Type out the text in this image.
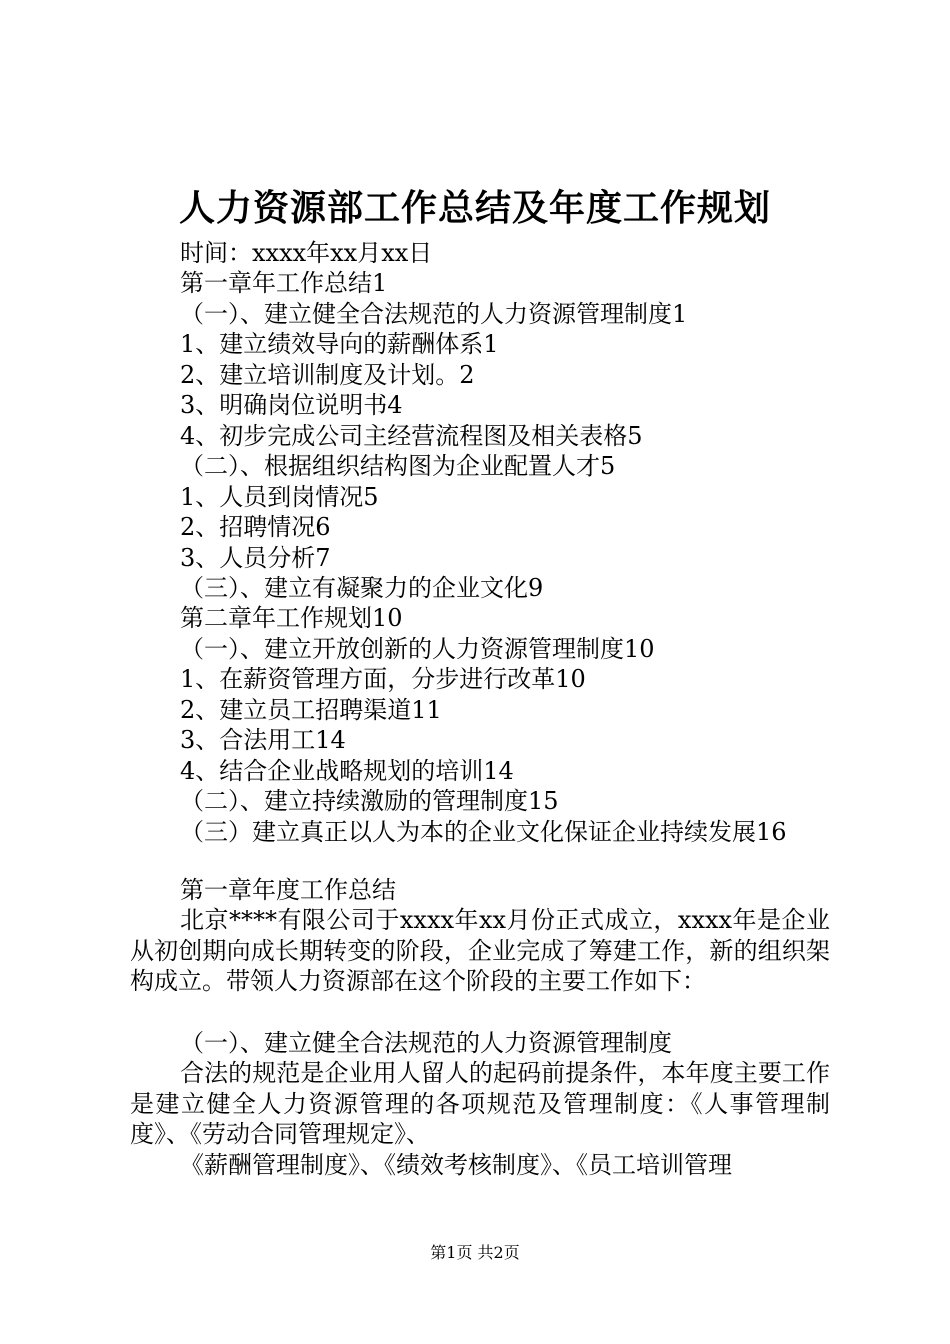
人力资源部工作总结及年度工作规划
时间：xxxx年xx月xx日
第一章年工作总结1
（一）、建立健全合法规范的人力资源管理制度1
1、建立绩效导向的薪酬体系1
2、建立培训制度及计划。2
3、明确岗位说明书4
4、初步完成公司主经营流程图及相关表格5
（二）、根据组织结构图为企业配置人才5
1、人员到岗情况5
2、招聘情况6
3、人员分析7
（三）、建立有凝聚力的企业文化9
第二章年工作规划10
（一）、建立开放创新的人力资源管理制度10
1、在薪资管理方面，分步进行改革10
2、建立员工招聘渠道11
3、合法用工14
4、结合企业战略规划的培训14
（二）、建立持续激励的管理制度15
（三）建立真正以人为本的企业文化保证企业持续发展16
第一章年度工作总结
北京****有限公司于xxxx年xx月份正式成立，xxxx年是企业从初创期向成长期转变的阶段，企业完成了筹建工作，新的组织架构成立。带领人力资源部在这个阶段的主要工作如下：
（一）、建立健全合法规范的人力资源管理制度
合法的规范是企业用人留人的起码前提条件，本年度主要工作是建立健全人力资源管理的各项规范及管理制度：《人事管理制度》、《劳动合同管理规定》、
《薪酬管理制度》、《绩效考核制度》、《员工培训管理
第1页 共2页
